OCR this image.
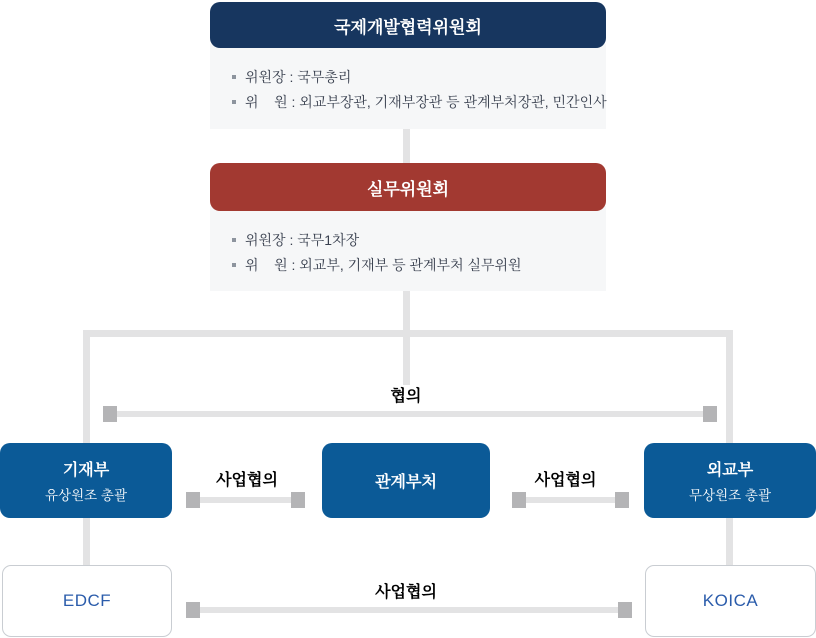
국제개발협력위원회
위원장 : 국무총리
위    원 : 외교부장관, 기재부장관 등 관계부처장관, 민간인사
실무위원회
위원장 : 국무1차장
위    원 : 외교부, 기재부 등 관계부처 실무위원
협의
사업협의	사업협의
사업협의
기재부
유상원조 총괄
관계부처
외교부
무상원조 총괄
EDCF	KOICA
